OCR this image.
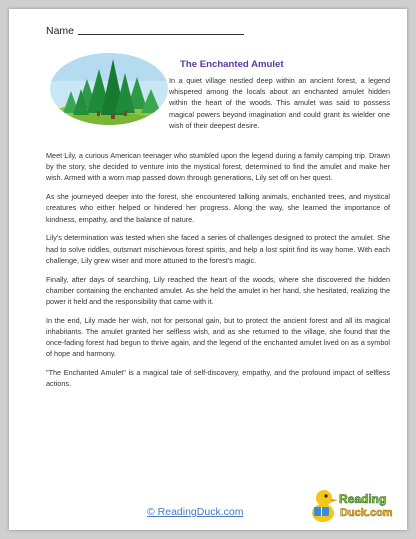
Name
The Enchanted Amulet

In a quiet village nestled deep within an ancient forest, a legend whispered among the locals about an enchanted amulet hidden within the heart of the woods. This amulet was said to possess magical powers beyond imagination and could grant its wielder one wish of their deepest desire.

Meet Lily, a curious American teenager who stumbled upon the legend during a family camping trip. Drawn by the story, she decided to venture into the mystical forest, determined to find the amulet and make her wish. Armed with a worn map passed down through generations, Lily set off on her quest.

As she journeyed deeper into the forest, she encountered talking animals, enchanted trees, and mystical creatures who either helped or hindered her progress. Along the way, she learned the importance of kindness, empathy, and the balance of nature.

Lily's determination was tested when she faced a series of challenges designed to protect the amulet. She had to solve riddles, outsmart mischievous forest spirits, and help a lost spirit find its way home. With each challenge, Lily grew wiser and more attuned to the forest's magic.

Finally, after days of searching, Lily reached the heart of the woods, where she discovered the hidden chamber containing the enchanted amulet. As she held the amulet in her hand, she hesitated, realizing the power it held and the responsibility that came with it.

In the end, Lily made her wish, not for personal gain, but to protect the ancient forest and all its magical inhabitants. The amulet granted her selfless wish, and as she returned to the village, she found that the once-fading forest had begun to thrive again, and the legend of the enchanted amulet lived on as a symbol of hope and harmony.

"The Enchanted Amulet" is a magical tale of self-discovery, empathy, and the profound impact of selfless actions.

© ReadingDuck.com
Reading
Duck.com
